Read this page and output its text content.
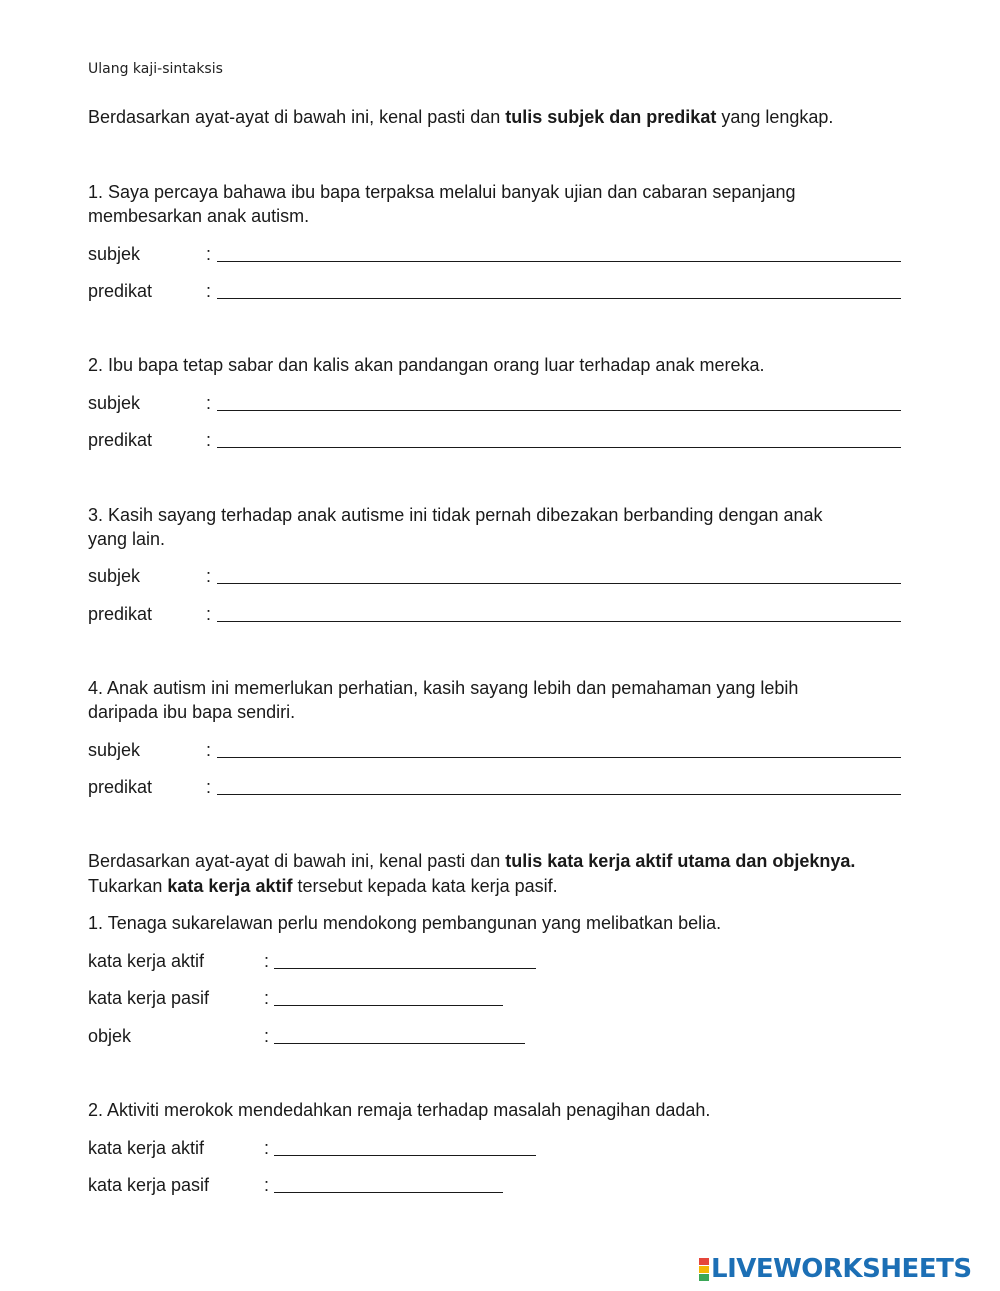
Ulang kaji-sintaksis
Berdasarkan ayat-ayat di bawah ini, kenal pasti dan tulis subjek dan predikat yang lengkap.
1. Saya percaya bahawa ibu bapa terpaksa melalui banyak ujian dan cabaran sepanjang
membesarkan anak autism.
subjek	:
predikat	:
2. Ibu bapa tetap sabar dan kalis akan pandangan orang luar terhadap anak mereka.
subjek	:
predikat	:
3. Kasih sayang terhadap anak autisme ini tidak pernah dibezakan berbanding dengan anak
yang lain.
subjek	:
predikat	:
4. Anak autism ini memerlukan perhatian, kasih sayang lebih dan pemahaman yang lebih
daripada ibu bapa sendiri.
subjek	:
predikat	:
Berdasarkan ayat-ayat di bawah ini, kenal pasti dan tulis kata kerja aktif utama dan objeknya. Tukarkan kata kerja aktif tersebut kepada kata kerja pasif.
1. Tenaga sukarelawan perlu mendokong pembangunan yang melibatkan belia.
kata kerja aktif	:
kata kerja pasif	:
objek	:
2. Aktiviti merokok mendedahkan remaja terhadap masalah penagihan dadah.
kata kerja aktif	:
kata kerja pasif	:
LIVEWORKSHEETS
